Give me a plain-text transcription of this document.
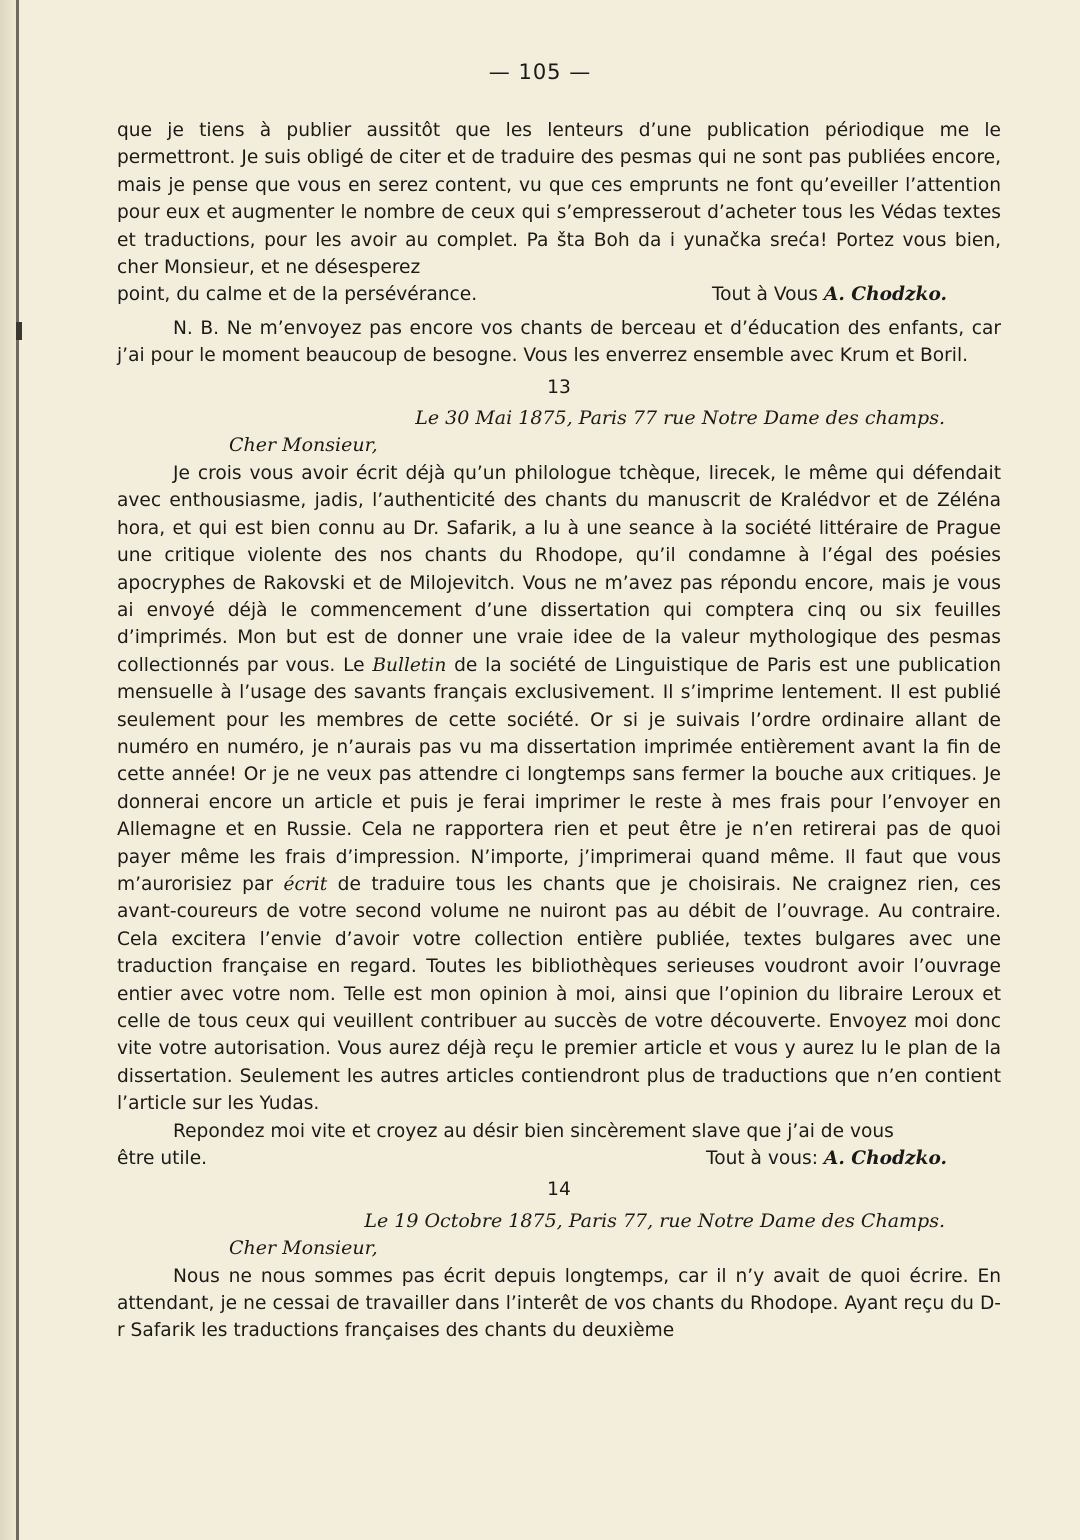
— 105 —

que je tiens à publier aussitôt que les lenteurs d’une publication périodique me le permettront. Je suis obligé de citer et de traduire des pesmas qui ne sont pas publiées encore, mais je pense que vous en serez content, vu que ces emprunts ne font qu’eveiller l’attention pour eux et augmenter le nombre de ceux qui s’empresserout d’acheter tous les Védas textes et traductions, pour les avoir au complet. Pa šta Boh da i yunačka sreća! Portez vous bien, cher Monsieur, et ne désesperez

point, du calme et de la persévérance.	Tout à Vous A. Chodzko.

N. B. Ne m’envoyez pas encore vos chants de berceau et d’éducation des enfants, car j’ai pour le moment beaucoup de besogne. Vous les enverrez ensemble avec Krum et Boril.

13
Le 30 Mai 1875, Paris 77 rue Notre Dame des champs.
Cher Monsieur,

Je crois vous avoir écrit déjà qu’un philologue tchèque, lirecek, le même qui défendait avec enthousiasme, jadis, l’authenticité des chants du manuscrit de Kralédvor et de Zéléna hora, et qui est bien connu au Dr. Safarik, a lu à une seance à la société littéraire de Prague une critique violente des nos chants du Rhodope, qu’il condamne à l’égal des poésies apocryphes de Rakovski et de Milojevitch. Vous ne m’avez pas répondu encore, mais je vous ai envoyé déjà le commencement d’une dissertation qui comptera cinq ou six feuilles d’imprimés. Mon but est de donner une vraie idee de la valeur mythologique des pesmas collectionnés par vous. Le Bulletin de la société de Linguistique de Paris est une publication mensuelle à l’usage des savants français exclusivement. Il s’imprime lentement. Il est publié seulement pour les membres de cette société. Or si je suivais l’ordre ordinaire allant de numéro en numéro, je n’aurais pas vu ma dissertation imprimée entièrement avant la fin de cette année! Or je ne veux pas attendre ci longtemps sans fermer la bouche aux critiques. Je donnerai encore un article et puis je ferai imprimer le reste à mes frais pour l’envoyer en Allemagne et en Russie. Cela ne rapportera rien et peut être je n’en retirerai pas de quoi payer même les frais d’impression. N’importe, j’imprimerai quand même. Il faut que vous m’aurorisiez par écrit de traduire tous les chants que je choisirais. Ne craignez rien, ces avant-coureurs de votre second volume ne nuiront pas au débit de l’ouvrage. Au contraire. Cela excitera l’envie d’avoir votre collection entière publiée, textes bulgares avec une traduction française en regard. Toutes les bibliothèques serieuses voudront avoir l’ouvrage entier avec votre nom. Telle est mon opinion à moi, ainsi que l’opinion du libraire Leroux et celle de tous ceux qui veuillent contribuer au succès de votre découverte. Envoyez moi donc vite votre autorisation. Vous aurez déjà reçu le premier article et vous y aurez lu le plan de la dissertation. Seulement les autres articles contiendront plus de traductions que n’en contient l’article sur les Yudas.

Repondez moi vite et croyez au désir bien sincèrement slave que j’ai de vous

être utile.	Tout à vous: A. Chodzko.
14
Le 19 Octobre 1875, Paris 77, rue Notre Dame des Champs.
Cher Monsieur,

Nous ne nous sommes pas écrit depuis longtemps, car il n’y avait de quoi écrire. En attendant, je ne cessai de travailler dans l’interêt de vos chants du Rhodope. Ayant reçu du D-r Safarik les traductions françaises des chants du deuxième
